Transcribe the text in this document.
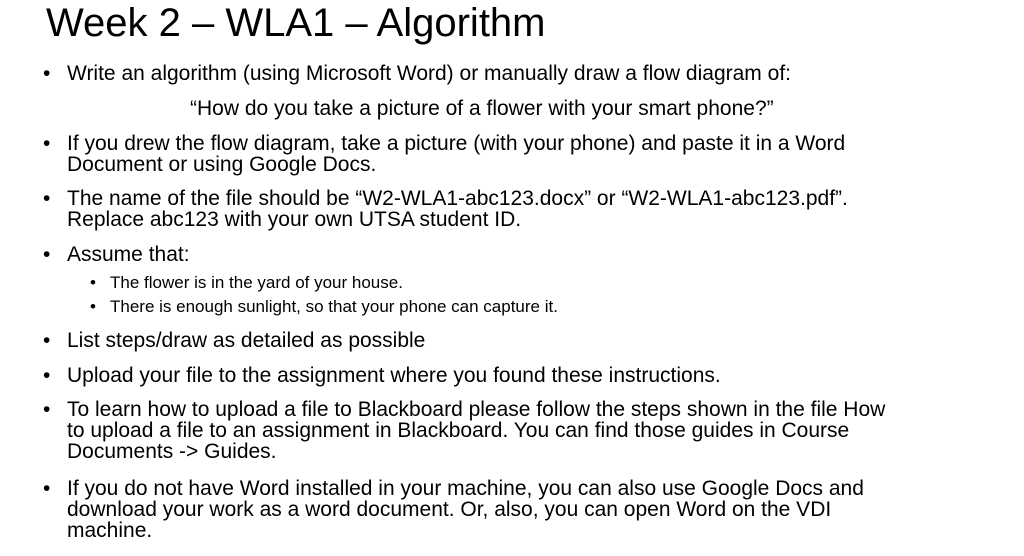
Week 2 – WLA1 – Algorithm
• Write an algorithm (using Microsoft Word) or manually draw a flow diagram of:
“How do you take a picture of a flower with your smart phone?”
• If you drew the flow diagram, take a picture (with your phone) and paste it in a Word
Document or using Google Docs.
• The name of the file should be “W2-WLA1-abc123.docx” or “W2-WLA1-abc123.pdf”.
Replace abc123 with your own UTSA student ID.
• Assume that:
• The flower is in the yard of your house.
• There is enough sunlight, so that your phone can capture it.
• List steps/draw as detailed as possible
• Upload your file to the assignment where you found these instructions.
• To learn how to upload a file to Blackboard please follow the steps shown in the file How
to upload a file to an assignment in Blackboard. You can find those guides in Course
Documents -> Guides.
• If you do not have Word installed in your machine, you can also use Google Docs and
download your work as a word document. Or, also, you can open Word on the VDI
machine.
